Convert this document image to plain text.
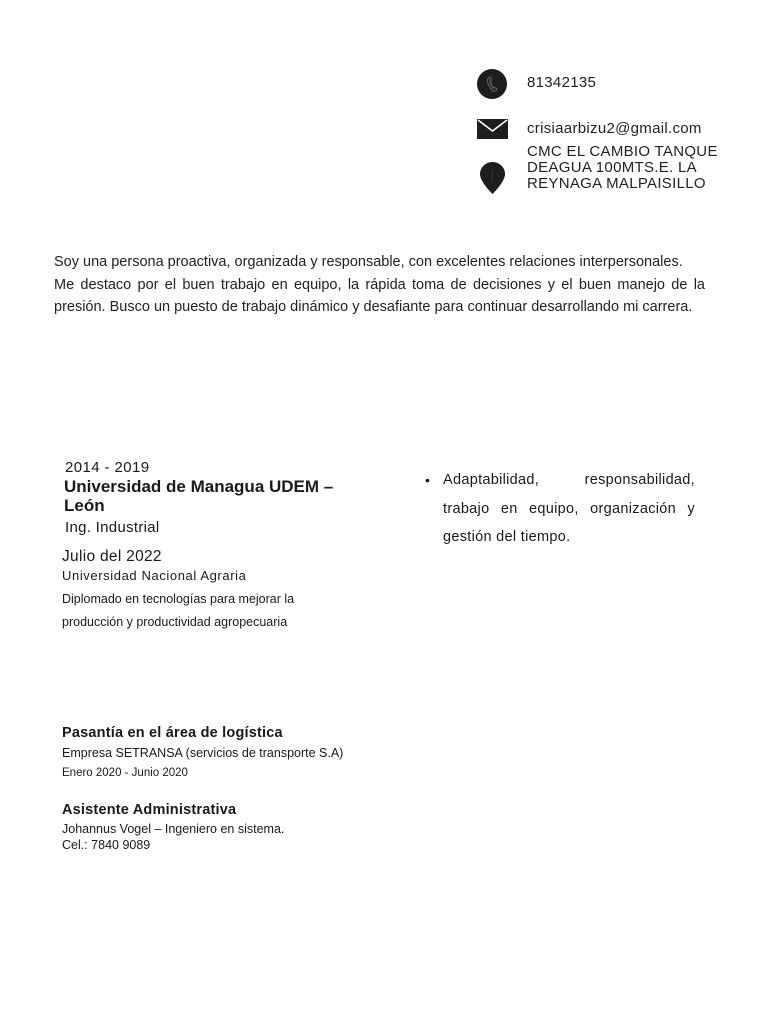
81342135
crisiaarbizu2@gmail.com
CMC EL CAMBIO TANQUE DEAGUA 100MTS.E. LA REYNAGA MALPAISILLO

Soy una persona proactiva, organizada y responsable, con excelentes relaciones interpersonales.

Me destaco por el buen trabajo en equipo, la rápida toma de decisiones y el buen manejo de la presión. Busco un puesto de trabajo dinámico y desafiante para continuar desarrollando mi carrera.

2014 - 2019
Universidad de Managua UDEM – León
Ing. Industrial
Julio del 2022
Universidad Nacional Agraria
Diplomado en tecnologías para mejorar la producción y productividad agropecuaria
• Adaptabilidad, responsabilidad, trabajo en equipo, organización y gestión del tiempo.
Pasantía en el área de logística
Empresa SETRANSA (servicios de transporte S.A)
Enero 2020 - Junio 2020
Asistente Administrativa
Johannus Vogel – Ingeniero en sistema.
Cel.: 7840 9089
